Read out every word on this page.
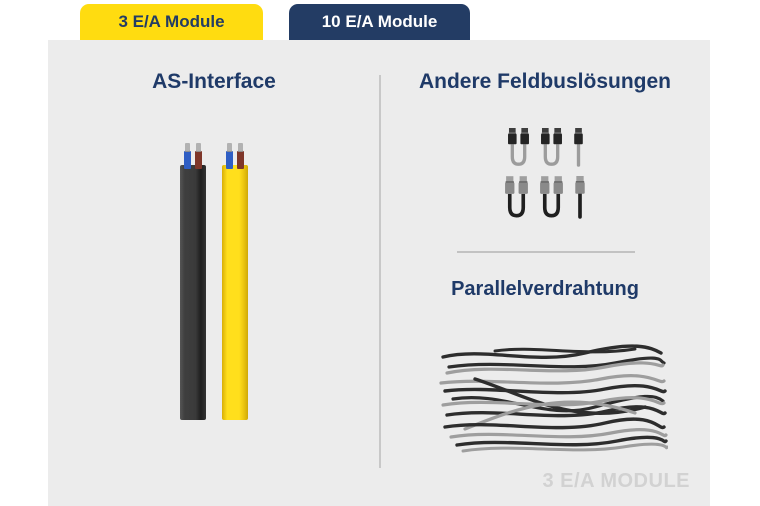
3 E/A Module	10 E/A Module
AS-Interface	Andere Feldbuslösungen
Parallelverdrahtung
3 E/A MODULE
